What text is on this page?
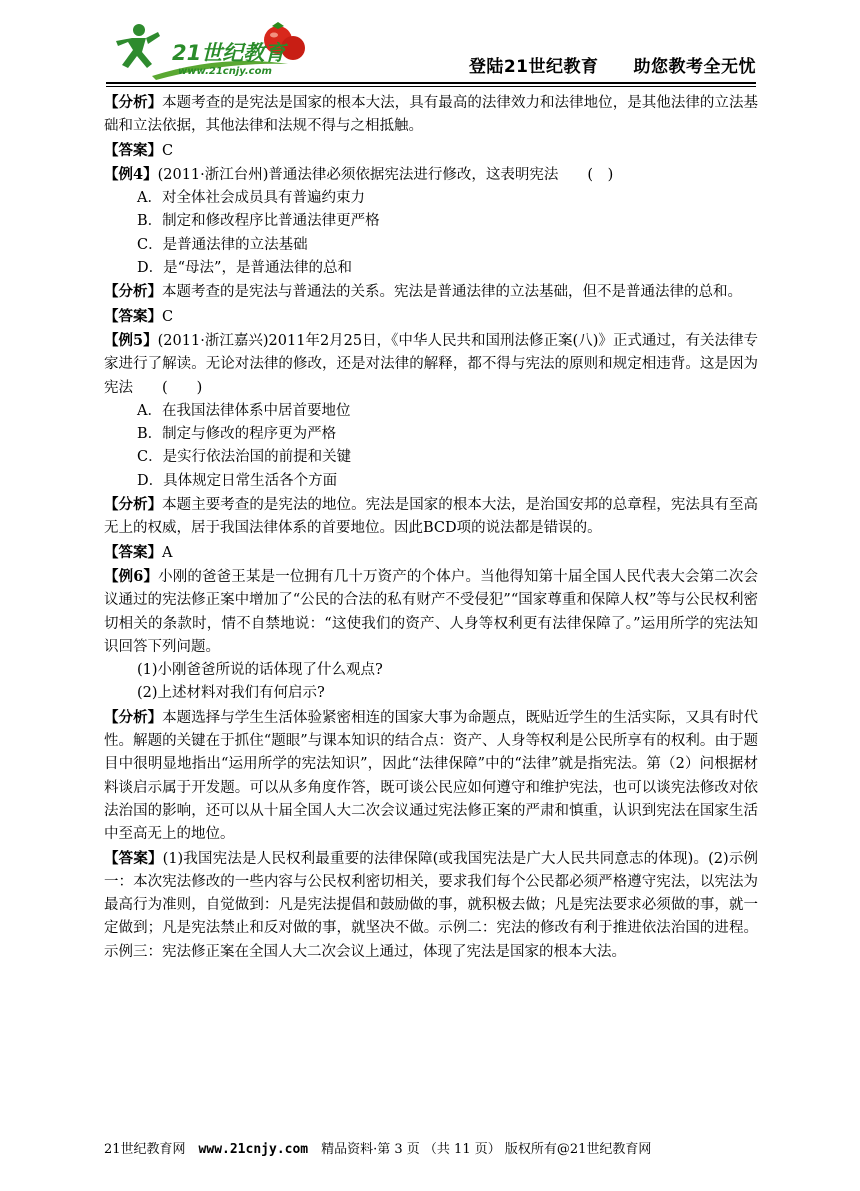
21世纪教育
www.21cnjy.com	登陆21世纪教育　　助您教考全无忧

【分析】本题考查的是宪法是国家的根本大法，具有最高的法律效力和法律地位，是其他法律的立法基础和立法依据，其他法律和法规不得与之相抵触。

【答案】C

【例4】(2011·浙江台州)普通法律必须依据宪法进行修改，这表明宪法　　(　)

A．对全体社会成员具有普遍约束力

B．制定和修改程序比普通法律更严格

C．是普通法律的立法基础

D．是“母法”，是普通法律的总和

【分析】本题考查的是宪法与普通法的关系。宪法是普通法律的立法基础，但不是普通法律的总和。

【答案】C

【例5】(2011·浙江嘉兴)2011年2月25日，《中华人民共和国刑法修正案(八)》正式通过，有关法律专家进行了解读。无论对法律的修改，还是对法律的解释，都不得与宪法的原则和规定相违背。这是因为宪法　　(　　)

A．在我国法律体系中居首要地位

B．制定与修改的程序更为严格

C．是实行依法治国的前提和关键

D．具体规定日常生活各个方面

【分析】本题主要考查的是宪法的地位。宪法是国家的根本大法，是治国安邦的总章程，宪法具有至高无上的权威，居于我国法律体系的首要地位。因此BCD项的说法都是错误的。

【答案】A

【例6】小刚的爸爸王某是一位拥有几十万资产的个体户。当他得知第十届全国人民代表大会第二次会议通过的宪法修正案中增加了“公民的合法的私有财产不受侵犯”“国家尊重和保障人权”等与公民权利密切相关的条款时，情不自禁地说：“这使我们的资产、人身等权利更有法律保障了。”运用所学的宪法知识回答下列问题。

(1)小刚爸爸所说的话体现了什么观点?

(2)上述材料对我们有何启示?

【分析】本题选择与学生生活体验紧密相连的国家大事为命题点，既贴近学生的生活实际，又具有时代性。解题的关键在于抓住“题眼”与课本知识的结合点：资产、人身等权利是公民所享有的权利。由于题目中很明显地指出“运用所学的宪法知识”，因此“法律保障”中的“法律”就是指宪法。第（2）问根据材料谈启示属于开发题。可以从多角度作答，既可谈公民应如何遵守和维护宪法，也可以谈宪法修改对依法治国的影响，还可以从十届全国人大二次会议通过宪法修正案的严肃和慎重，认识到宪法在国家生活中至高无上的地位。

【答案】(1)我国宪法是人民权利最重要的法律保障(或我国宪法是广大人民共同意志的体现)。(2)示例一：本次宪法修改的一些内容与公民权利密切相关，要求我们每个公民都必须严格遵守宪法，以宪法为最高行为准则，自觉做到：凡是宪法提倡和鼓励做的事，就积极去做；凡是宪法要求必须做的事，就一定做到；凡是宪法禁止和反对做的事，就坚决不做。示例二：宪法的修改有利于推进依法治国的进程。示例三：宪法修正案在全国人大二次会议上通过，体现了宪法是国家的根本大法。

21世纪教育网　www.21cnjy.com　精品资料·第 3 页 （共 11 页） 版权所有@21世纪教育网
